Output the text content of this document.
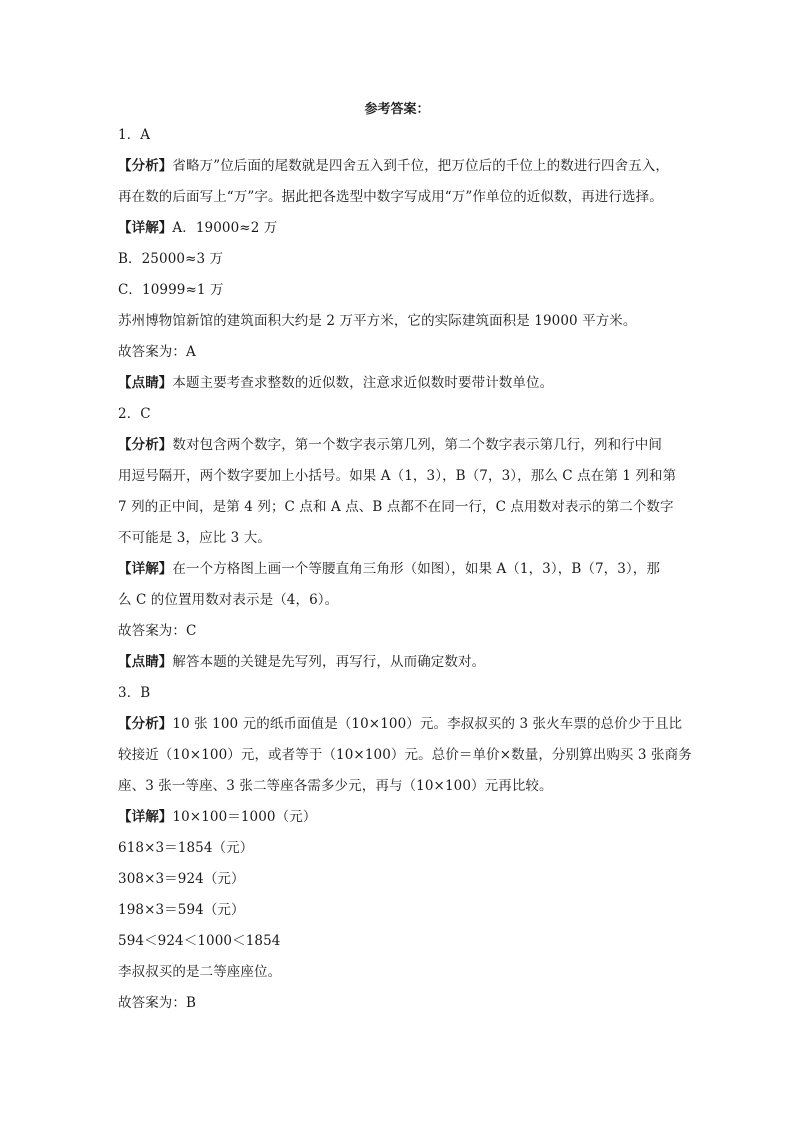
参考答案：
1．A
【分析】省略万”位后面的尾数就是四舍五入到千位，把万位后的千位上的数进行四舍五入，
再在数的后面写上“万”字。据此把各选型中数字写成用“万”作单位的近似数，再进行选择。
【详解】A．19000≈2 万
B．25000≈3 万
C．10999≈1 万
苏州博物馆新馆的建筑面积大约是 2 万平方米，它的实际建筑面积是 19000 平方米。
故答案为：A
【点睛】本题主要考查求整数的近似数，注意求近似数时要带计数单位。
2．C
【分析】数对包含两个数字，第一个数字表示第几列，第二个数字表示第几行，列和行中间
用逗号隔开，两个数字要加上小括号。如果 A（1，3），B（7，3），那么 C 点在第 1 列和第
7 列的正中间，是第 4 列；C 点和 A 点、B 点都不在同一行，C 点用数对表示的第二个数字
不可能是 3，应比 3 大。
【详解】在一个方格图上画一个等腰直角三角形（如图），如果 A（1，3），B（7，3），那
么 C 的位置用数对表示是（4，6）。
故答案为：C
【点睛】解答本题的关键是先写列，再写行，从而确定数对。
3．B
【分析】10 张 100 元的纸币面值是（10×100）元。李叔叔买的 3 张火车票的总价少于且比
较接近（10×100）元，或者等于（10×100）元。总价＝单价×数量，分别算出购买 3 张商务
座、3 张一等座、3 张二等座各需多少元，再与（10×100）元再比较。
【详解】10×100＝1000（元）
618×3＝1854（元）
308×3＝924（元）
198×3＝594（元）
594＜924＜1000＜1854
李叔叔买的是二等座座位。
故答案为：B
